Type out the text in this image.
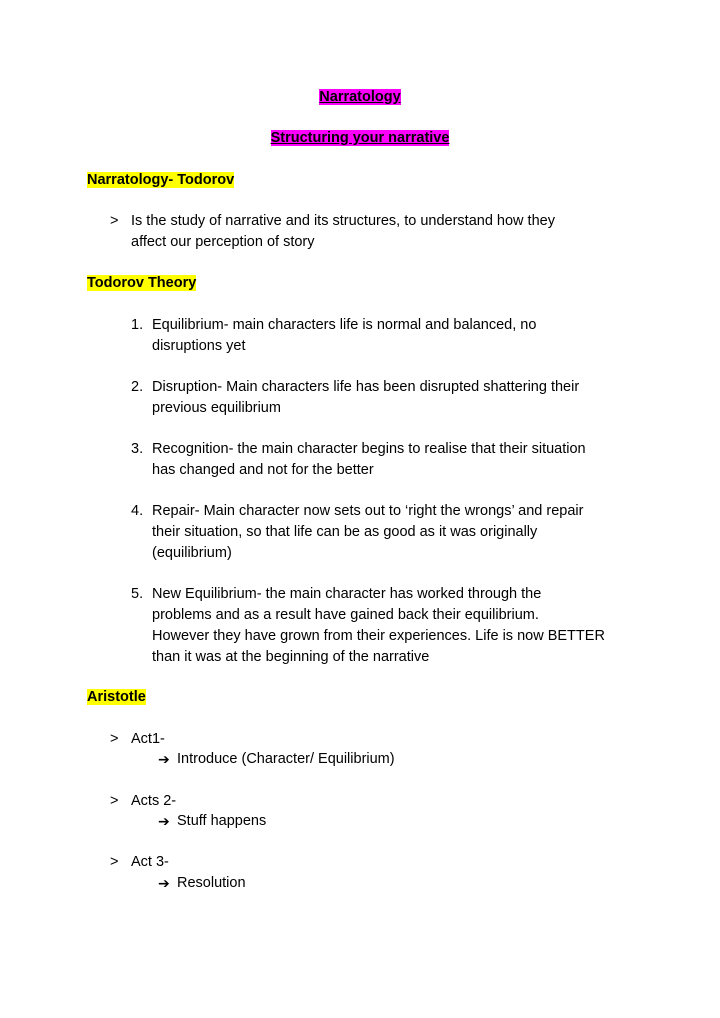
Narratology
Structuring your narrative
Narratology- Todorov
> Is the study of narrative and its structures, to understand how they
affect our perception of story
Todorov Theory
1. Equilibrium- main characters life is normal and balanced, no
disruptions yet
2. Disruption- Main characters life has been disrupted shattering their
previous equilibrium
3. Recognition- the main character begins to realise that their situation
has changed and not for the better
4. Repair- Main character now sets out to ‘right the wrongs’ and repair
their situation, so that life can be as good as it was originally
(equilibrium)
5. New Equilibrium- the main character has worked through the
problems and as a result have gained back their equilibrium.
However they have grown from their experiences. Life is now BETTER
than it was at the beginning of the narrative
Aristotle
> Act1-
➔ Introduce (Character/ Equilibrium)
> Acts 2-
➔ Stuff happens
> Act 3-
➔ Resolution
